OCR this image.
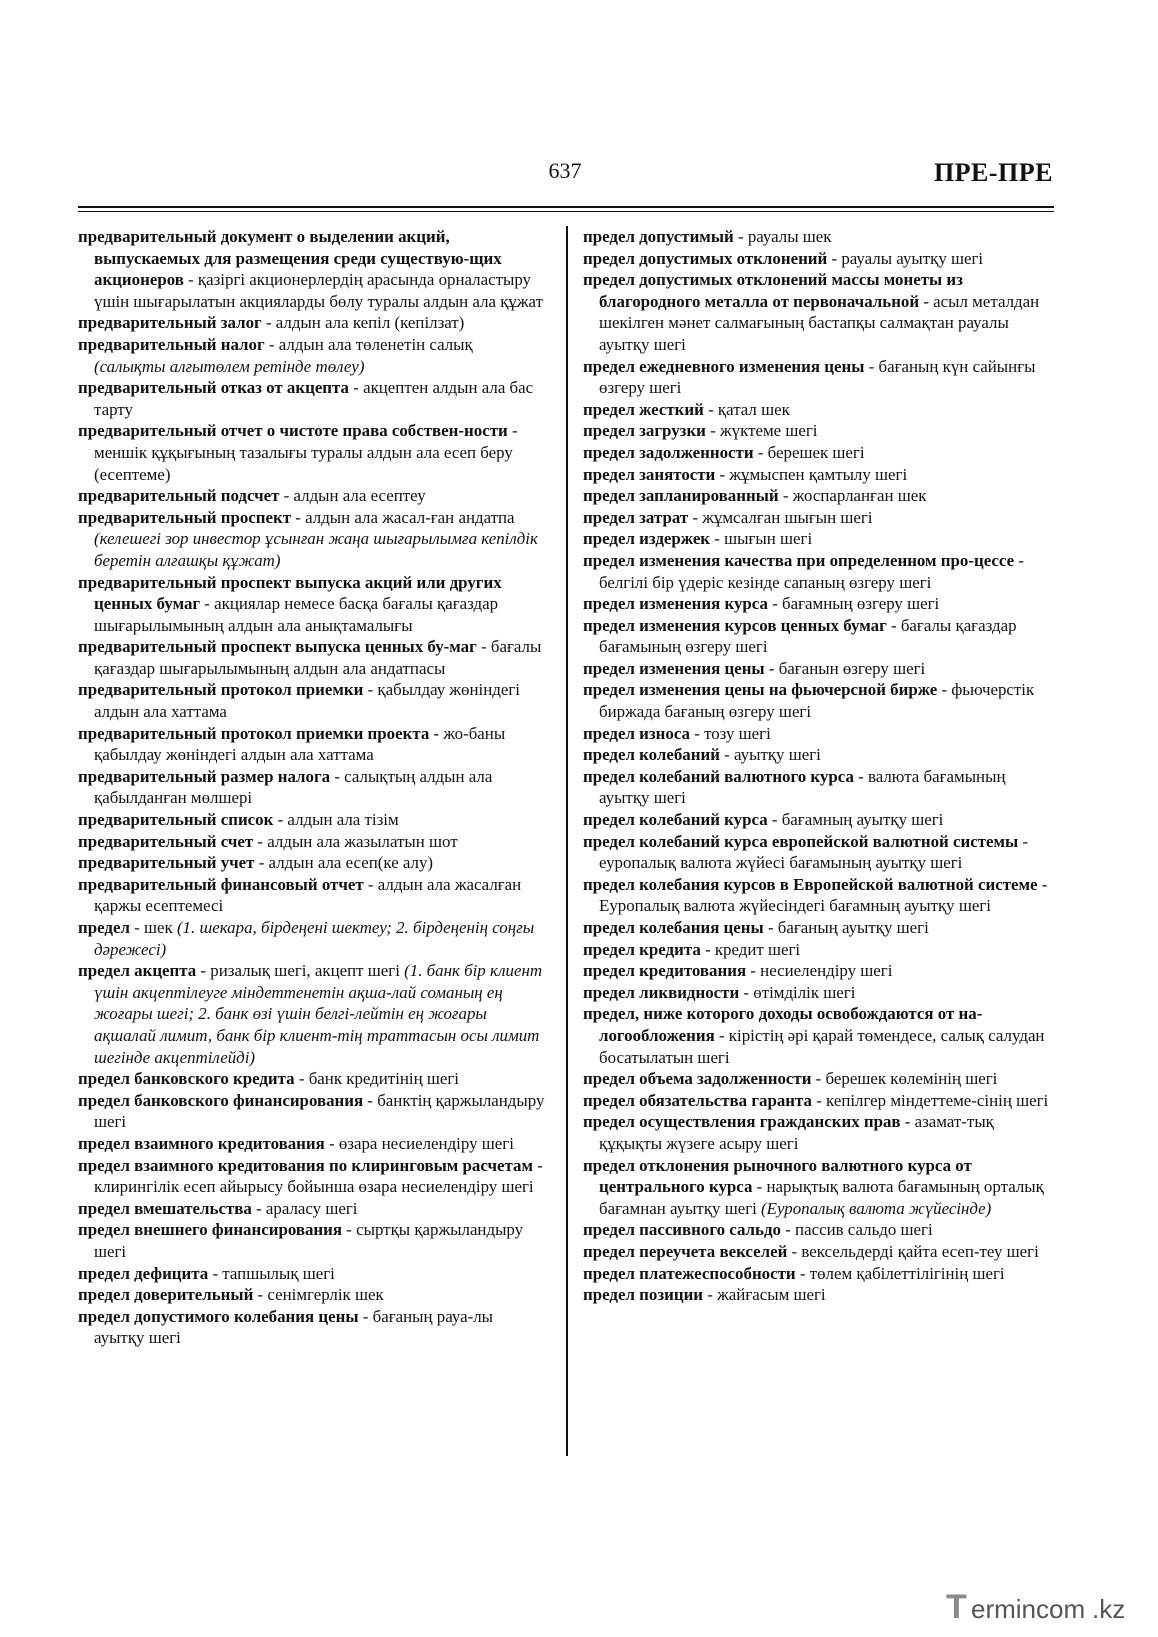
637	ПРЕ-ПРЕ

предварительный документ о выделении акций, выпускаемых для размещения среди существую-щих акционеров - қазіргі акционерлердің арасында орналастыру үшін шығарылатын акцияларды бөлу туралы алдын ала құжат

предварительный залог - алдын ала кепіл (кепілзат)

предварительный налог - алдын ала төленетін салық (салықты алғытөлем ретінде төлеу)

предварительный отказ от акцепта - акцептен алдын ала бас тарту

предварительный отчет о чистоте права собствен-ности - меншік құқығының тазалығы туралы алдын ала есеп беру (есептеме)

предварительный подсчет - алдын ала есептеу

предварительный проспект - алдын ала жасал-ған андатпа (келешегі зор инвестор ұсынған жаңа шығарылымға кепілдік беретін алғашқы құжат)

предварительный проспект выпуска акций или других ценных бумаг - акциялар немесе басқа бағалы қағаздар шығарылымының алдын ала анықтамалығы

предварительный проспект выпуска ценных бу-маг - бағалы қағаздар шығарылымының алдын ала андатпасы

предварительный протокол приемки - қабылдау жөніндегі алдын ала хаттама

предварительный протокол приемки проекта - жо-баны қабылдау жөніндегі алдын ала хаттама

предварительный размер налога - салықтың алдын ала қабылданған мөлшері

предварительный список - алдын ала тізім

предварительный счет - алдын ала жазылатын шот

предварительный учет - алдын ала есеп(ке алу)

предварительный финансовый отчет - алдын ала жасалған қаржы есептемесі

предел - шек (1. шекара, бірдеңені шектеу; 2. бірдеңенің соңғы дәрежесі)

предел акцепта - ризалық шегі, акцепт шегі (1. банк бір клиент үшін акцептілеуге міндеттенетін ақша-лай соманың ең жоғары шегі; 2. банк өзі үшін белгі-лейтін ең жоғары ақшалай лимит, банк бір клиент-тің траттасын осы лимит шегінде акцептілейді)

предел банковского кредита - банк кредитінің шегі

предел банковского финансирования - банктің қаржыландыру шегі

предел взаимного кредитования - өзара несиелендіру шегі

предел взаимного кредитования по клиринговым расчетам - клирингілік есеп айырысу бойынша өзара несиелендіру шегі

предел вмешательства - араласу шегі

предел внешнего финансирования - сыртқы қаржыландыру шегі

предел дефицита - тапшылық шегі

предел доверительный - сенімгерлік шек

предел допустимого колебания цены - бағаның рауа-лы ауытқу шегі

предел допустимый - рауалы шек

предел допустимых отклонений - рауалы ауытқу шегі

предел допустимых отклонений массы монеты из благородного металла от первоначальной - асыл металдан шекілген мәнет салмағының бастапқы салмақтан рауалы ауытқу шегі

предел ежедневного изменения цены - бағаның күн сайынғы өзгеру шегі

предел жесткий - қатал шек

предел загрузки - жүктеме шегі

предел задолженности - берешек шегі

предел занятости - жұмыспен қамтылу шегі

предел запланированный - жоспарланған шек

предел затрат - жұмсалған шығын шегі

предел издержек - шығын шегі

предел изменения качества при определенном про-цессе - белгілі бір үдеріс кезінде сапаның өзгеру шегі

предел изменения курса - бағамның өзгеру шегі

предел изменения курсов ценных бумаг - бағалы қағаздар бағамының өзгеру шегі

предел изменения цены - бағанын өзгеру шегі

предел изменения цены на фьючерсной бирже - фьючерстік биржада бағаның өзгеру шегі

предел износа - тозу шегі

предел колебаний - ауытқу шегі

предел колебаний валютного курса - валюта бағамының ауытқу шегі

предел колебаний курса - бағамның ауытқу шегі

предел колебаний курса европейской валютной системы - еуропалық валюта жүйесі бағамының ауытқу шегі

предел колебания курсов в Европейской валютной системе - Еуропалық валюта жүйесіндегі бағамның ауытқу шегі

предел колебания цены - бағаның ауытқу шегі

предел кредита - кредит шегі

предел кредитования - несиелендіру шегі

предел ликвидности - өтімділік шегі

предел, ниже которого доходы освобождаются от на-логообложения - кірістің әрі қарай төмендесе, салық салудан босатылатын шегі

предел объема задолженности - берешек көлемінің шегі

предел обязательства гаранта - кепілгер міндеттеме-сінің шегі

предел осуществления гражданских прав - азамат-тық құқықты жүзеге асыру шегі

предел отклонения рыночного валютного курса от центрального курса - нарықтық валюта бағамының орталық бағамнан ауытқу шегі (Еуропалық валюта жүйесінде)

предел пассивного сальдо - пассив сальдо шегі

предел переучета векселей - вексельдерді қайта есеп-теу шегі

предел платежеспособности - төлем қабілеттілігінің шегі

предел позиции - жайғасым шегі

T ermincom .kz
